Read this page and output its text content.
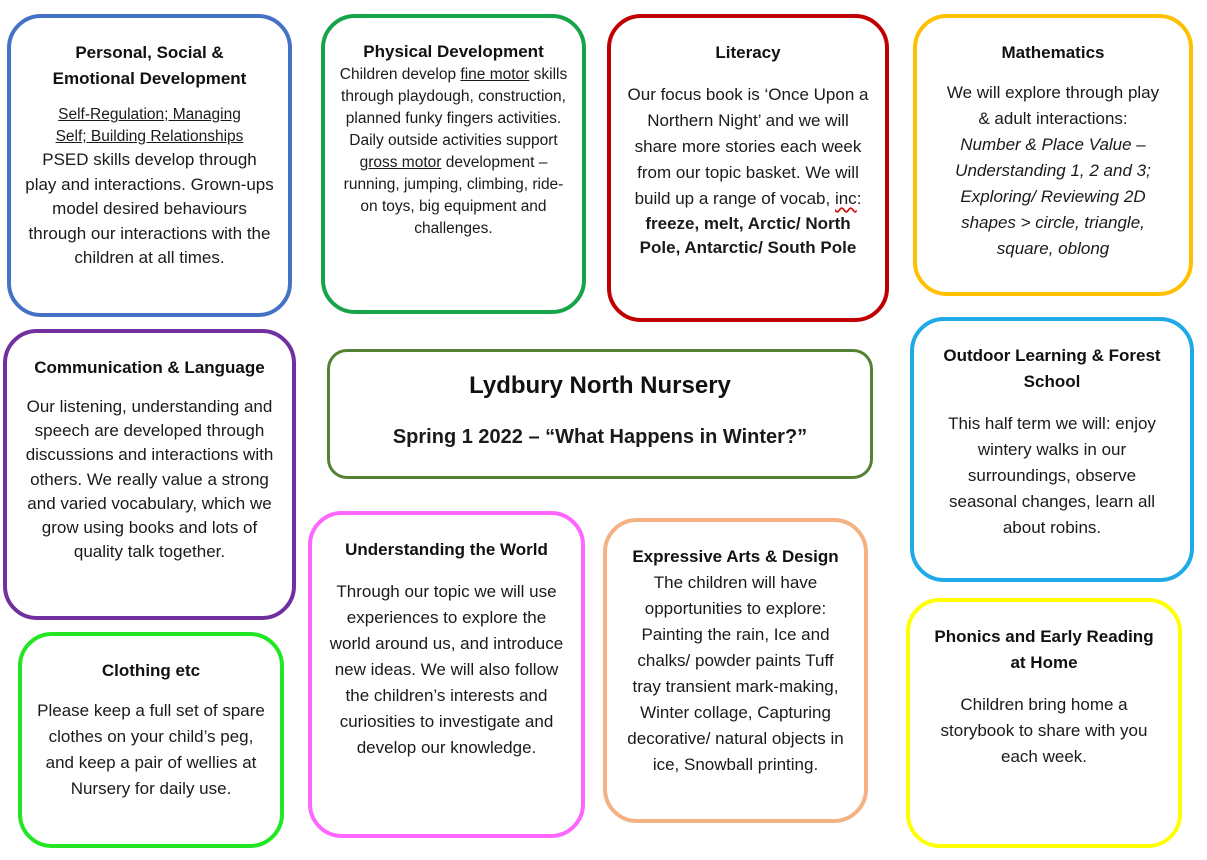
Personal, Social &
Emotional Development

Self-Regulation; Managing
Self; Building Relationships

PSED skills develop through play and interactions. Grown-ups model desired behaviours through our interactions with the children at all times.

Physical Development

Children develop fine motor skills through playdough, construction, planned funky fingers activities. Daily outside activities support gross motor development – running, jumping, climbing, ride-on toys, big equipment and challenges.

Literacy

Our focus book is ‘Once Upon a Northern Night’ and we will share more stories each week from our topic basket. We will build up a range of vocab, inc:

freeze, melt, Arctic/ North Pole, Antarctic/ South Pole

Mathematics

We will explore through play & adult interactions:

Number & Place Value – Understanding 1, 2 and 3; Exploring/ Reviewing 2D shapes > circle, triangle, square, oblong

Communication & Language

Our listening, understanding and speech are developed through discussions and interactions with others. We really value a strong and varied vocabulary, which we grow using books and lots of quality talk together.

Lydbury North Nursery
Spring 1 2022 – “What Happens in Winter?”
Outdoor Learning & Forest
School

This half term we will: enjoy wintery walks in our surroundings, observe seasonal changes, learn all about robins.

Clothing etc

Please keep a full set of spare clothes on your child’s peg, and keep a pair of wellies at Nursery for daily use.

Understanding the World

Through our topic we will use experiences to explore the world around us, and introduce new ideas. We will also follow the children’s interests and curiosities to investigate and develop our knowledge.

Expressive Arts & Design

The children will have opportunities to explore:

Painting the rain, Ice and chalks/ powder paints Tuff tray transient mark-making, Winter collage, Capturing decorative/ natural objects in ice, Snowball printing.

Phonics and Early Reading
at Home

Children bring home a storybook to share with you each week.
